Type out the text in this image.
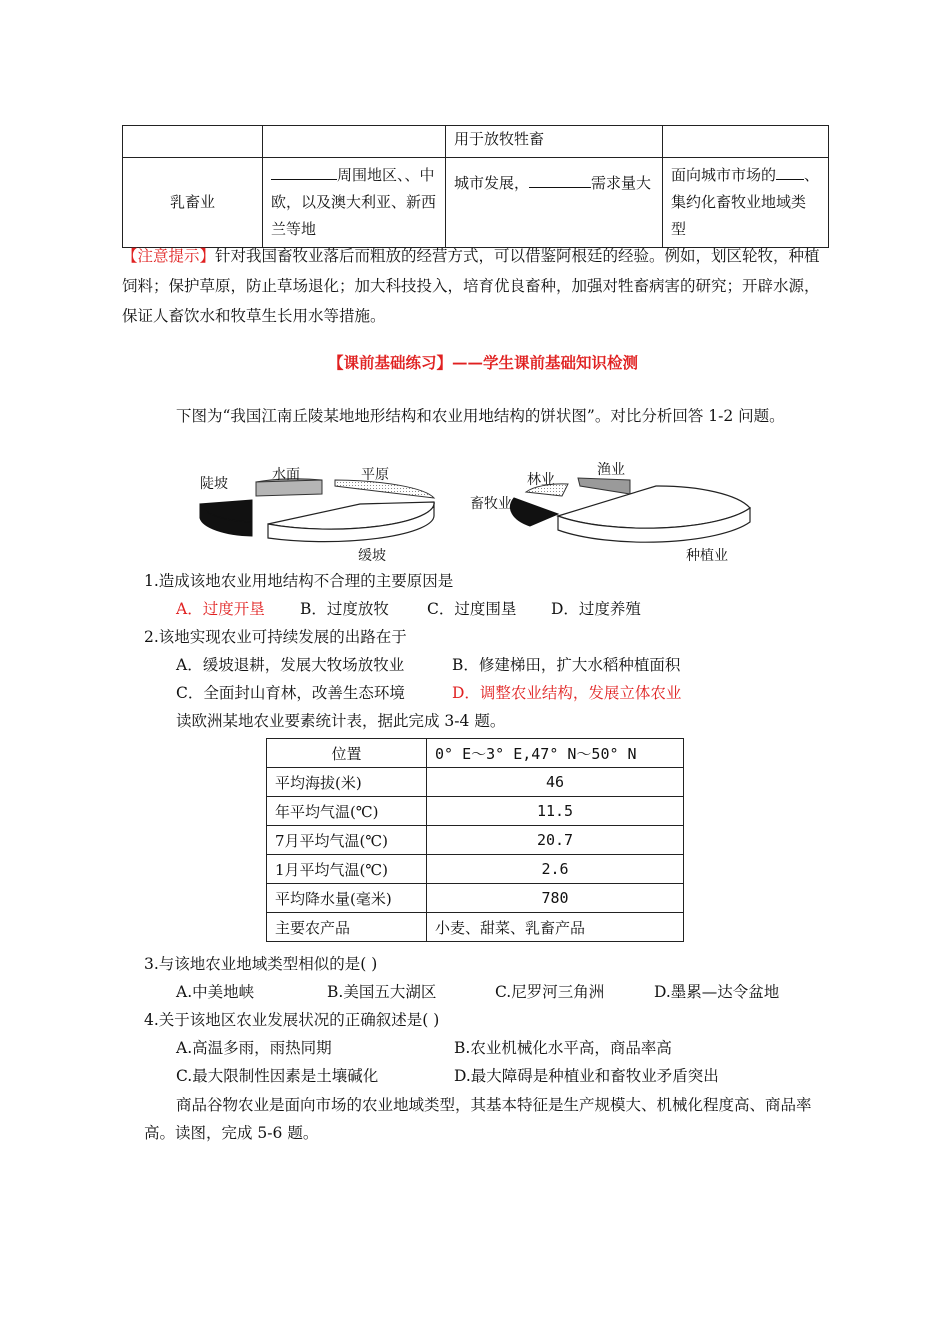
		用于放牧牲畜	
乳畜业	周围地区、、中欧，以及澳大利亚、新西兰等地	城市发展， 需求量大	面向城市市场的 、集约化畜牧业地域类型
【注意提示】针对我国畜牧业落后而粗放的经营方式，可以借鉴阿根廷的经验。例如，划区轮牧，种植饲料；保护草原，防止草场退化；加大科技投入，培育优良畜种，加强对牲畜病害的研究；开辟水源，保证人畜饮水和牧草生长用水等措施。
【课前基础练习】——学生课前基础知识检测
下图为“我国江南丘陵某地地形结构和农业用地结构的饼状图”。对比分析回答 1-2 问题。
陡坡
水面	平原
缓坡
林业
渔业
畜牧业
种植业
1.造成该地农业用地结构不合理的主要原因是
A．过度开垦 B．过度放牧 C．过度围垦 D．过度养殖
2.该地实现农业可持续发展的出路在于
A．缓坡退耕，发展大牧场放牧业	B．修建梯田，扩大水稻种植面积
C．全面封山育林，改善生态环境	D．调整农业结构，发展立体农业
读欧洲某地农业要素统计表，据此完成 3-4 题。
位置	0° E～3° E,47° N～50° N
平均海拔(米)	46
年平均气温(℃)	11.5
7月平均气温(℃)	20.7
1月平均气温(℃)	2.6
平均降水量(毫米)	780
主要农产品	小麦、甜菜、乳畜产品
3.与该地农业地域类型相似的是( )
A.中美地峡	B.美国五大湖区	C.尼罗河三角洲	D.墨累—达令盆地
4.关于该地区农业发展状况的正确叙述是( )
A.高温多雨，雨热同期	B.农业机械化水平高，商品率高
C.最大限制性因素是土壤碱化	D.最大障碍是种植业和畜牧业矛盾突出
商品谷物农业是面向市场的农业地域类型，其基本特征是生产规模大、机械化程度高、商品率高。读图，完成 5-6 题。
